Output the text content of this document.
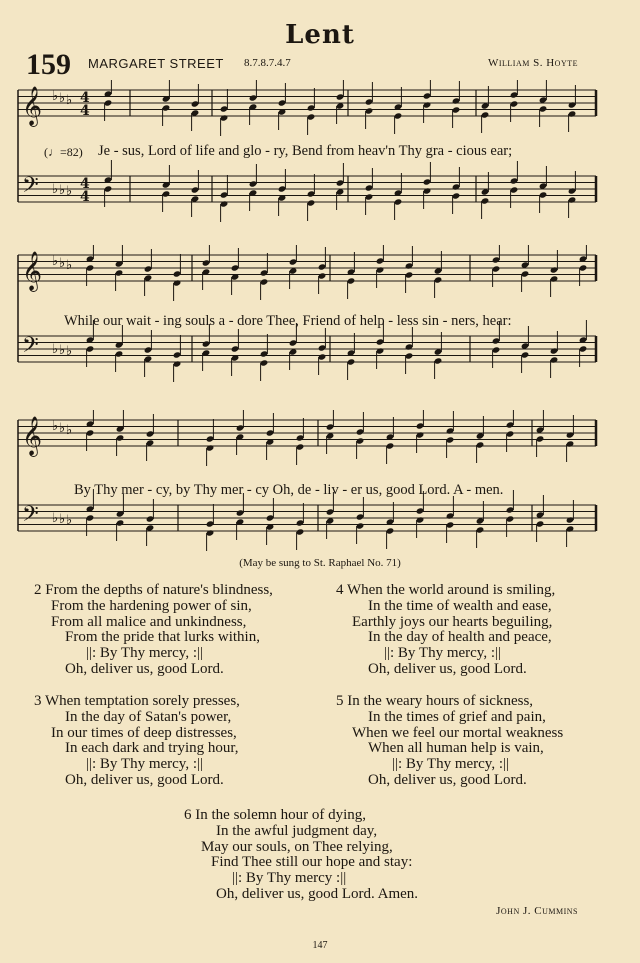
Lent
159 MARGARET STREET 8.7.8.7.4.7	William S. Hoyte
𝄞 ♭ ♭ ♭ 4
4
𝄢 ♭ ♭ ♭ 4
4
(♩=82) Je - sus, Lord of life and glo - ry, Bend from heav'n Thy gra - cious ear;
𝄞 ♭ ♭ ♭
𝄢 ♭ ♭ ♭
While our wait - ing souls a - dore Thee, Friend of help - less sin - ners, hear:
𝄞 ♭ ♭ ♭
𝄢 ♭ ♭ ♭
By Thy mer - cy, by Thy mer - cy Oh, de - liv - er us, good Lord. A - men.
(May be sung to St. Raphael No. 71)
2 From the depths of nature's blindness,
From the hardening power of sin,
From all malice and unkindness,
From the pride that lurks within,
||: By Thy mercy, :||
Oh, deliver us, good Lord.
4 When the world around is smiling,
In the time of wealth and ease,
Earthly joys our hearts beguiling,
In the day of health and peace,
||: By Thy mercy, :||
Oh, deliver us, good Lord.
3 When temptation sorely presses,
In the day of Satan's power,
In our times of deep distresses,
In each dark and trying hour,
||: By Thy mercy, :||
Oh, deliver us, good Lord.
5 In the weary hours of sickness,
In the times of grief and pain,
When we feel our mortal weakness
When all human help is vain,
||: By Thy mercy, :||
Oh, deliver us, good Lord.
6 In the solemn hour of dying,
In the awful judgment day,
May our souls, on Thee relying,
Find Thee still our hope and stay:
||: By Thy mercy :||
Oh, deliver us, good Lord. Amen.
John J. Cummins
147
